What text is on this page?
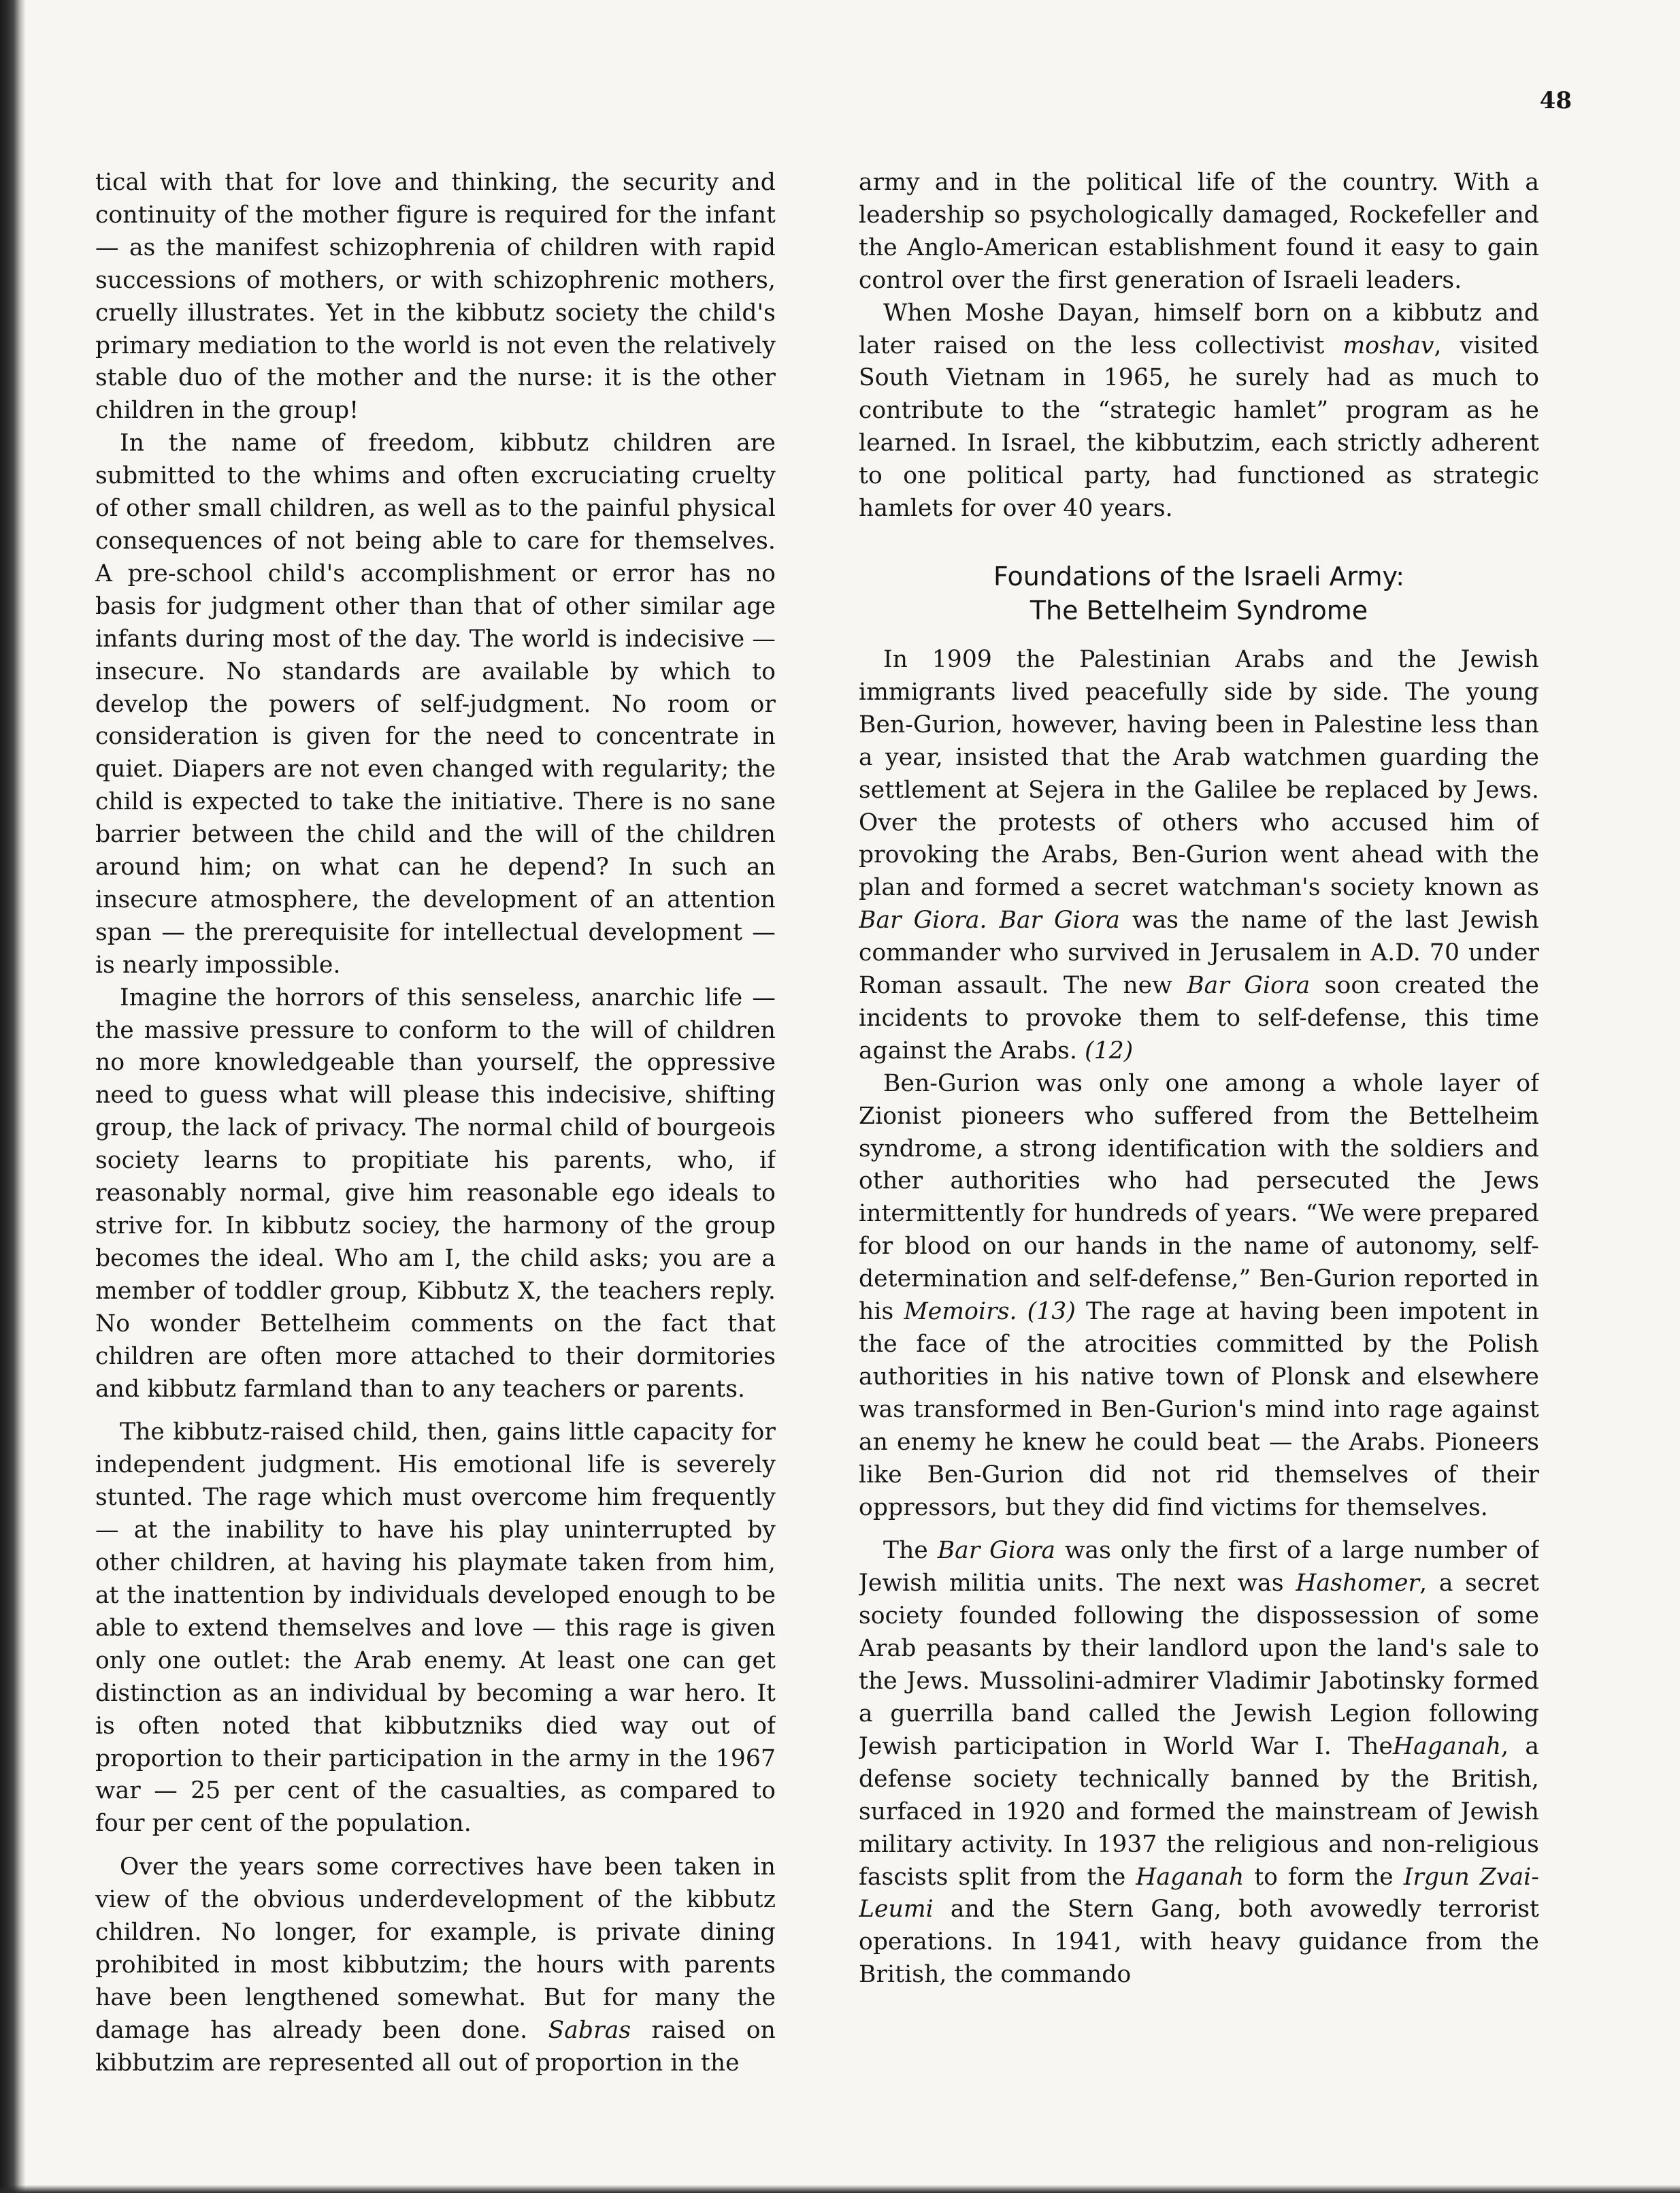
48

tical with that for love and thinking, the security and continuity of the mother figure is required for the infant — as the manifest schizophrenia of children with rapid successions of mothers, or with schizophrenic mothers, cruelly illustrates. Yet in the kibbutz society the child's primary mediation to the world is not even the relatively stable duo of the mother and the nurse: it is the other children in the group!

In the name of freedom, kibbutz children are submitted to the whims and often excruciating cruelty of other small children, as well as to the painful physical consequences of not being able to care for themselves. A pre-school child's accomplishment or error has no basis for judgment other than that of other similar age infants during most of the day. The world is indecisive — insecure. No standards are available by which to develop the powers of self-judgment. No room or consideration is given for the need to concentrate in quiet. Diapers are not even changed with regularity; the child is expected to take the initiative. There is no sane barrier between the child and the will of the children around him; on what can he depend? In such an insecure atmosphere, the development of an attention span — the prerequisite for intellectual development — is nearly impossible.

Imagine the horrors of this senseless, anarchic life — the massive pressure to conform to the will of children no more knowledgeable than yourself, the oppressive need to guess what will please this indecisive, shifting group, the lack of privacy. The normal child of bourgeois society learns to propitiate his parents, who, if reasonably normal, give him reasonable ego ideals to strive for. In kibbutz sociey, the harmony of the group becomes the ideal. Who am I, the child asks; you are a member of toddler group, Kibbutz X, the teachers reply. No wonder Bettelheim comments on the fact that children are often more attached to their dormitories and kibbutz farmland than to any teachers or parents.

The kibbutz-raised child, then, gains little capacity for independent judgment. His emotional life is severely stunted. The rage which must overcome him frequently — at the inability to have his play uninterrupted by other children, at having his playmate taken from him, at the inattention by individuals developed enough to be able to extend themselves and love — this rage is given only one outlet: the Arab enemy. At least one can get distinction as an individual by becoming a war hero. It is often noted that kibbutzniks died way out of proportion to their participation in the army in the 1967 war — 25 per cent of the casualties, as compared to four per cent of the population.

Over the years some correctives have been taken in view of the obvious underdevelopment of the kibbutz children. No longer, for example, is private dining prohibited in most kibbutzim; the hours with parents have been lengthened somewhat. But for many the damage has already been done. Sabras raised on kibbutzim are represented all out of proportion in the

army and in the political life of the country. With a leadership so psychologically damaged, Rockefeller and the Anglo-American establishment found it easy to gain control over the first generation of Israeli leaders.

When Moshe Dayan, himself born on a kibbutz and later raised on the less collectivist moshav, visited South Vietnam in 1965, he surely had as much to contribute to the “strategic hamlet” program as he learned. In Israel, the kibbutzim, each strictly adherent to one political party, had functioned as strategic hamlets for over 40 years.

Foundations of the Israeli Army:
The Bettelheim Syndrome

In 1909 the Palestinian Arabs and the Jewish immigrants lived peacefully side by side. The young Ben-Gurion, however, having been in Palestine less than a year, insisted that the Arab watchmen guarding the settlement at Sejera in the Galilee be replaced by Jews. Over the protests of others who accused him of provoking the Arabs, Ben-Gurion went ahead with the plan and formed a secret watchman's society known as Bar Giora. Bar Giora was the name of the last Jewish commander who survived in Jerusalem in A.D. 70 under Roman assault. The new Bar Giora soon created the incidents to provoke them to self-defense, this time against the Arabs. (12)

Ben-Gurion was only one among a whole layer of Zionist pioneers who suffered from the Bettelheim syndrome, a strong identification with the soldiers and other authorities who had persecuted the Jews intermittently for hundreds of years. “We were prepared for blood on our hands in the name of autonomy, self-determination and self-defense,” Ben-Gurion reported in his Memoirs. (13) The rage at having been impotent in the face of the atrocities committed by the Polish authorities in his native town of Plonsk and elsewhere was transformed in Ben-Gurion's mind into rage against an enemy he knew he could beat — the Arabs. Pioneers like Ben-Gurion did not rid themselves of their oppressors, but they did find victims for themselves.

The Bar Giora was only the first of a large number of Jewish militia units. The next was Hashomer, a secret society founded following the dispossession of some Arab peasants by their landlord upon the land's sale to the Jews. Mussolini-admirer Vladimir Jabotinsky formed a guerrilla band called the Jewish Legion following Jewish participation in World War I. TheHaganah, a defense society technically banned by the British, surfaced in 1920 and formed the mainstream of Jewish military activity. In 1937 the religious and non-religious fascists split from the Haganah to form the Irgun Zvai-Leumi and the Stern Gang, both avowedly terrorist operations. In 1941, with heavy guidance from the British, the commando
